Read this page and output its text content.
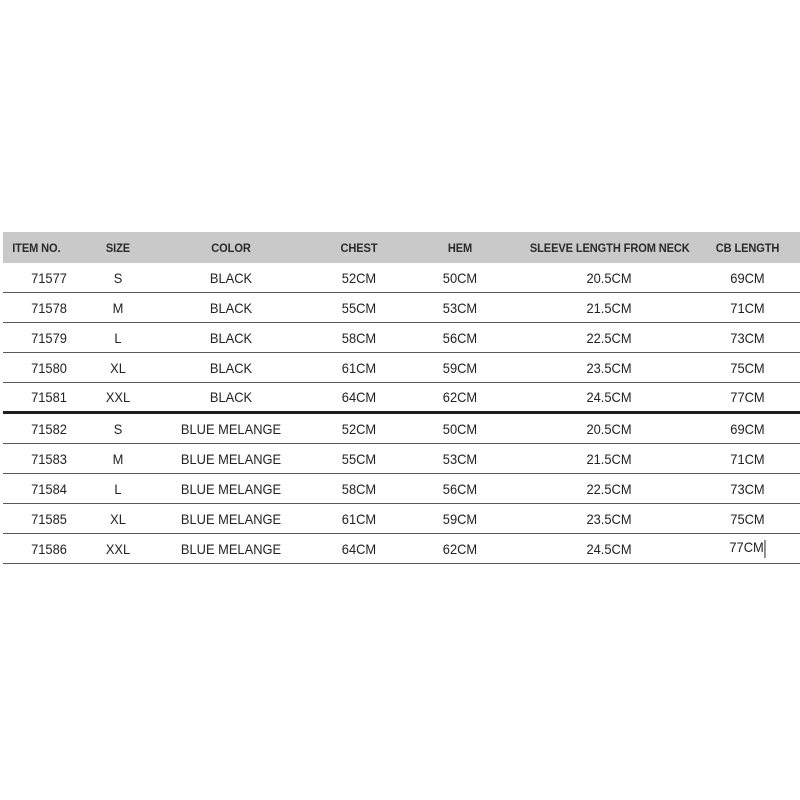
ITEM NO.	SIZE	COLOR	CHEST	HEM	SLEEVE LENGTH FROM NECK	CB LENGTH
71577	S	BLACK	52CM	50CM	20.5CM	69CM
71578	M	BLACK	55CM	53CM	21.5CM	71CM
71579	L	BLACK	58CM	56CM	22.5CM	73CM
71580	XL	BLACK	61CM	59CM	23.5CM	75CM
71581	XXL	BLACK	64CM	62CM	24.5CM	77CM
71582	S	BLUE MELANGE	52CM	50CM	20.5CM	69CM
71583	M	BLUE MELANGE	55CM	53CM	21.5CM	71CM
71584	L	BLUE MELANGE	58CM	56CM	22.5CM	73CM
71585	XL	BLUE MELANGE	61CM	59CM	23.5CM	75CM
71586	XXL	BLUE MELANGE	64CM	62CM	24.5CM	77CM
